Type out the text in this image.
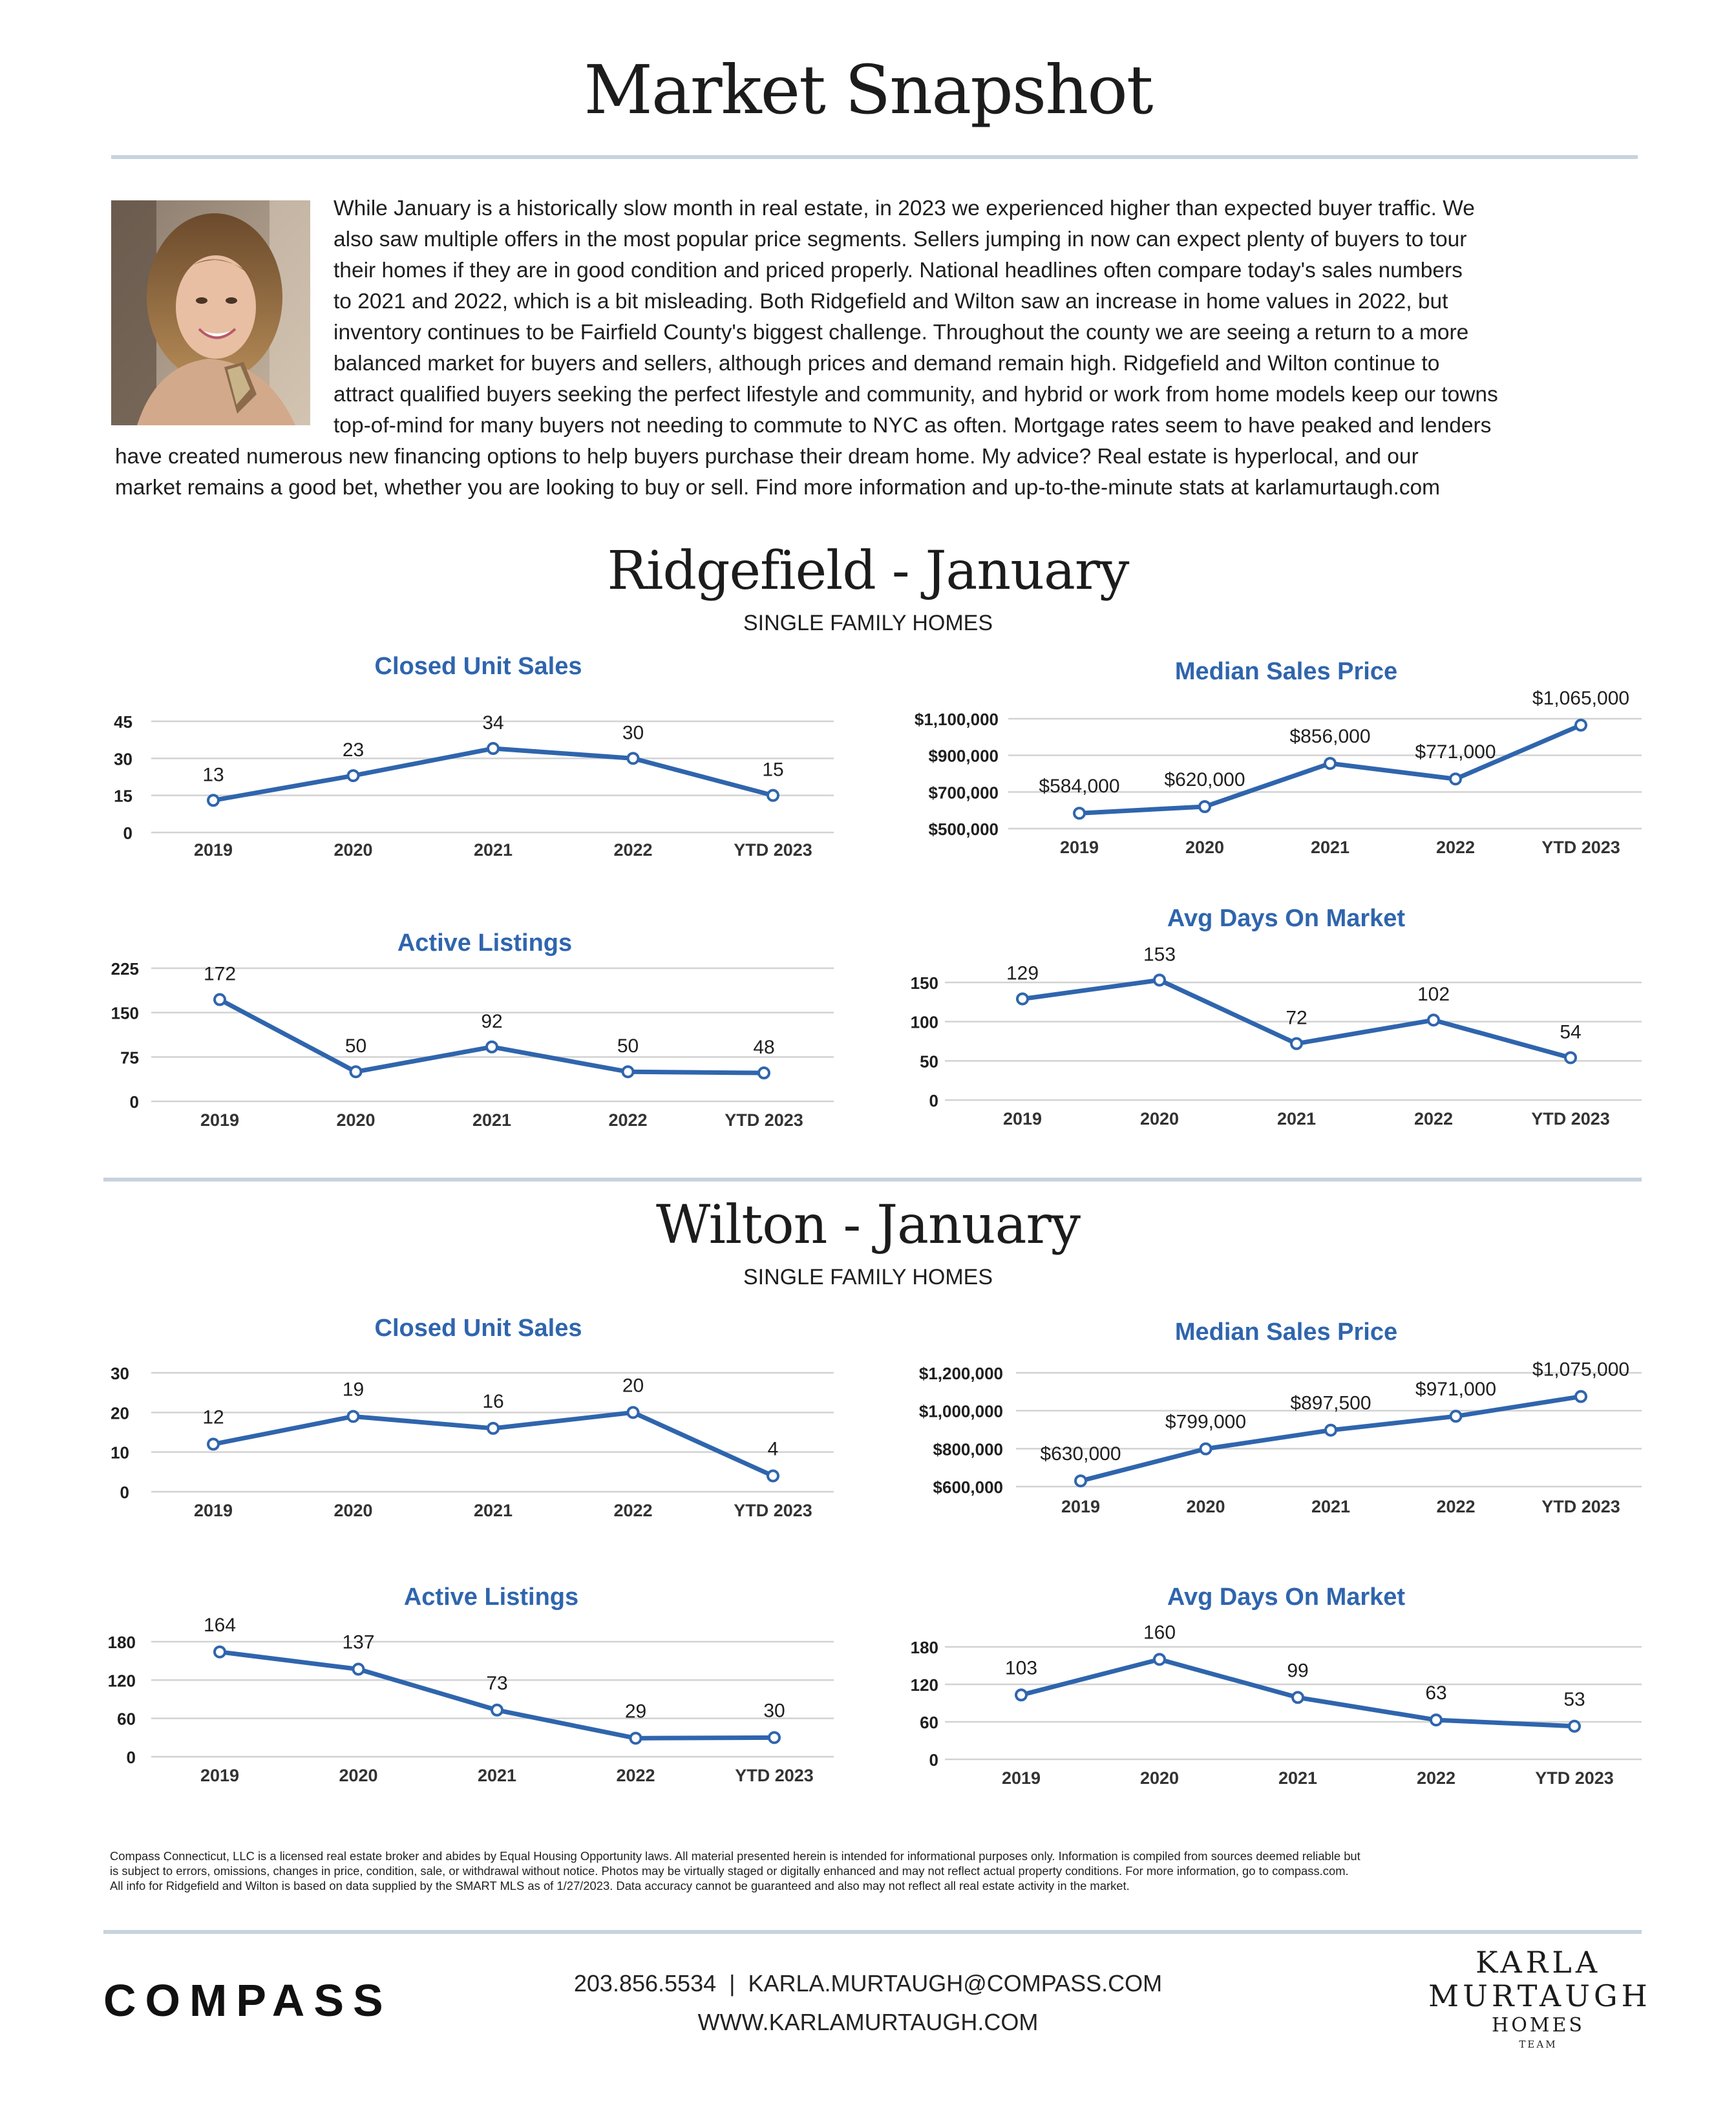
Market Snapshot
While January is a historically slow month in real estate, in 2023 we experienced higher than expected buyer traffic. We
also saw multiple offers in the most popular price segments. Sellers jumping in now can expect plenty of buyers to tour
their homes if they are in good condition and priced properly. National headlines often compare today's sales numbers
to 2021 and 2022, which is a bit misleading. Both Ridgefield and Wilton saw an increase in home values in 2022, but
inventory continues to be Fairfield County's biggest challenge. Throughout the county we are seeing a return to a more
balanced market for buyers and sellers, although prices and demand remain high. Ridgefield and Wilton continue to
attract qualified buyers seeking the perfect lifestyle and community, and hybrid or work from home models keep our towns
top-of-mind for many buyers not needing to commute to NYC as often. Mortgage rates seem to have peaked and lenders
have created numerous new financing options to help buyers purchase their dream home. My advice? Real estate is hyperlocal, and our
market remains a good bet, whether you are looking to buy or sell. Find more information and up-to-the-minute stats at karlamurtaugh.com
Ridgefield - January
SINGLE FAMILY HOMES
Closed Unit Sales	Median Sales Price
Active Listings
Avg Days On Market
0
15
30
45
2019	2020	2021	2022	YTD 2023
13
23
34	30
15
$500,000
$700,000
$900,000
$1,100,000
2019	2020	2021	2022	YTD 2023
$584,000 $620,000
$856,000
$771,000
$1,065,000
0
75
150
225
2019	2020	2021	2022	YTD 2023
172
50
92
50	48
0
50
100
150
2019	2020	2021	2022	YTD 2023
129
153
72
102
54
Wilton - January
SINGLE FAMILY HOMES
Closed Unit Sales	Median Sales Price
Active Listings	Avg Days On Market
0
10
20
30
2019	2020	2021	2022	YTD 2023
12
19
16
20
4
$600,000
$800,000
$1,000,000
$1,200,000
2019	2020	2021	2022	YTD 2023
$630,000
$799,000
$897,500
$971,000
$1,075,000
0
60
120
180
2019	2020	2021	2022	YTD 2023
164
137
73
29	30
0
60
120
180
2019	2020	2021	2022	YTD 2023
103
160
99
63	53
Compass Connecticut, LLC is a licensed real estate broker and abides by Equal Housing Opportunity laws. All material presented herein is intended for informational purposes only. Information is compiled from sources deemed reliable but
is subject to errors, omissions, changes in price, condition, sale, or withdrawal without notice. Photos may be virtually staged or digitally enhanced and may not reflect actual property conditions. For more information, go to compass.com.
All info for Ridgefield and Wilton is based on data supplied by the SMART MLS as of 1/27/2023. Data accuracy cannot be guaranteed and also may not reflect all real estate activity in the market.
COMPASS	203.856.5534  |  KARLA.MURTAUGH@COMPASS.COM
WWW.KARLAMURTAUGH.COM
KARLA
MURTAUGH
HOMES
TEAM
